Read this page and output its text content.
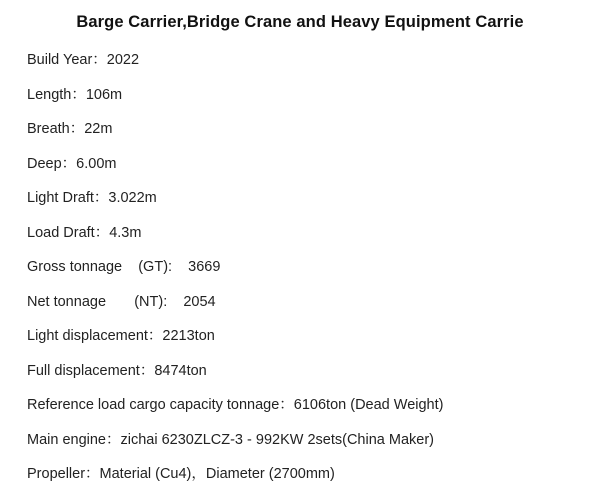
Barge Carrier,Bridge Crane and Heavy Equipment Carrie
Build Year：2022
Length：106m
Breath：22m
Deep：6.00m
Light Draft：3.022m
Load Draft：4.3m
Gross tonnage    (GT):    3669
Net tonnage       (NT):    2054
Light displacement：2213ton
Full displacement：8474ton
Reference load cargo capacity tonnage：6106ton (Dead Weight)
Main engine：zichai 6230ZLCZ-3 - 992KW 2sets(China Maker)
Propeller：Material (Cu4)，Diameter (2700mm)
